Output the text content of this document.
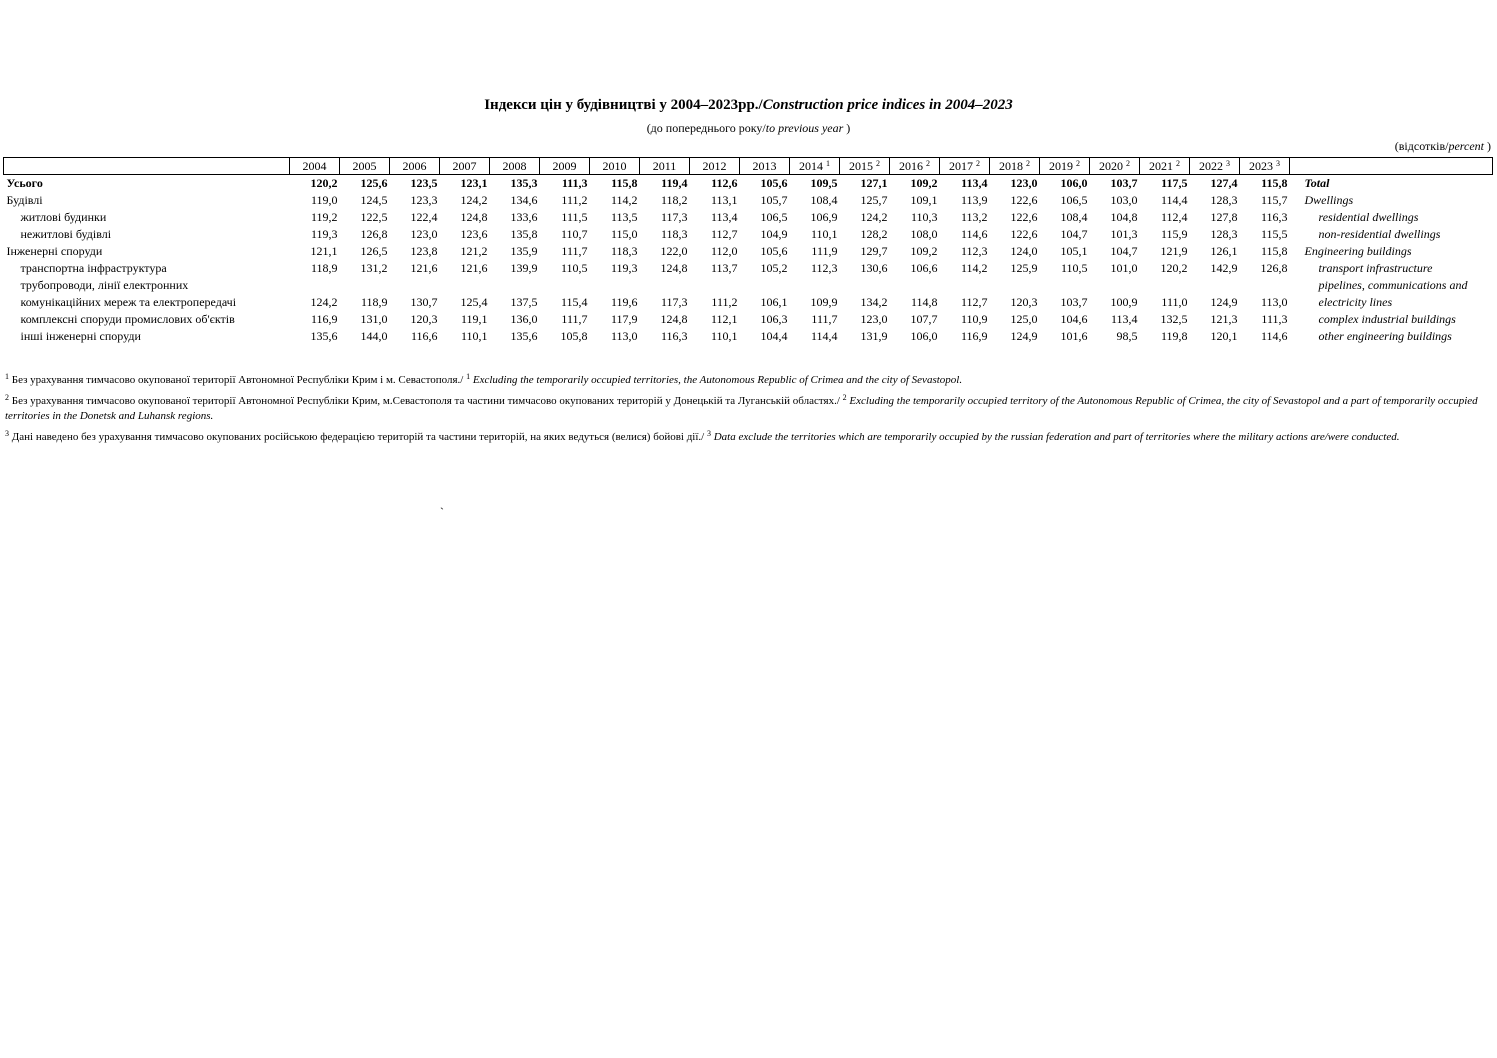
Індекси цін у будівництві у 2004–2023рр./Construction price indices in 2004–2023
(до попереднього року/to previous year )
(відсотків/percent )
	2004	2005	2006	2007	2008	2009	2010	2011	2012	2013	2014 $^1$	2015 $^2$	2016 $^2$	2017 $^2$	2018 $^2$	2019 $^2$	2020 $^2$	2021 $^2$	2022 $^3$	2023 $^3$	
Усього	120,2	125,6	123,5	123,1	135,3	111,3	115,8	119,4	112,6	105,6	109,5	127,1	109,2	113,4	123,0	106,0	103,7	117,5	127,4	115,8	Total
Будівлі	119,0	124,5	123,3	124,2	134,6	111,2	114,2	118,2	113,1	105,7	108,4	125,7	109,1	113,9	122,6	106,5	103,0	114,4	128,3	115,7	Dwellings
житлові будинки	119,2	122,5	122,4	124,8	133,6	111,5	113,5	117,3	113,4	106,5	106,9	124,2	110,3	113,2	122,6	108,4	104,8	112,4	127,8	116,3	residential dwellings
нежитлові будівлі	119,3	126,8	123,0	123,6	135,8	110,7	115,0	118,3	112,7	104,9	110,1	128,2	108,0	114,6	122,6	104,7	101,3	115,9	128,3	115,5	non-residential dwellings
Інженерні споруди	121,1	126,5	123,8	121,2	135,9	111,7	118,3	122,0	112,0	105,6	111,9	129,7	109,2	112,3	124,0	105,1	104,7	121,9	126,1	115,8	Engineering buildings
транспортна інфраструктура	118,9	131,2	121,6	121,6	139,9	110,5	119,3	124,8	113,7	105,2	112,3	130,6	106,6	114,2	125,9	110,5	101,0	120,2	142,9	126,8	transport infrastructure
трубопроводи, лінії електронних																					pipelines, communications and
комунікаційних мереж та електропередачі	124,2	118,9	130,7	125,4	137,5	115,4	119,6	117,3	111,2	106,1	109,9	134,2	114,8	112,7	120,3	103,7	100,9	111,0	124,9	113,0	electricity lines
комплексні споруди промислових об'єктів	116,9	131,0	120,3	119,1	136,0	111,7	117,9	124,8	112,1	106,3	111,7	123,0	107,7	110,9	125,0	104,6	113,4	132,5	121,3	111,3	complex industrial buildings
інші інженерні споруди	135,6	144,0	116,6	110,1	135,6	105,8	113,0	116,3	110,1	104,4	114,4	131,9	106,0	116,9	124,9	101,6	98,5	119,8	120,1	114,6	other engineering buildings

$^1$ Без урахування тимчасово окупованої території Автономної Республіки Крим і м. Севастополя./ $^1$ Excluding the temporarily occupied territories, the Autonomous Republic of Crimea and the city of Sevastopol.

$^2$ Без урахування тимчасово окупованої території Автономної Республіки Крим, м.Севастополя та частини тимчасово окупованих територій у Донецькій та Луганській областях./ $^2$ Excluding the temporarily occupied territory of the Autonomous Republic of Crimea, the city of Sevastopol and a part of temporarily occupied territories in the Donetsk and Luhansk regions.

$^3$ Дані наведено без урахування тимчасово окупованих російською федерацією територій та частини територій, на яких ведуться (велися) бойові дії./ $^3$ Data exclude the territories which are temporarily occupied by the russian federation and part of territories where the military actions are/were conducted.

`
